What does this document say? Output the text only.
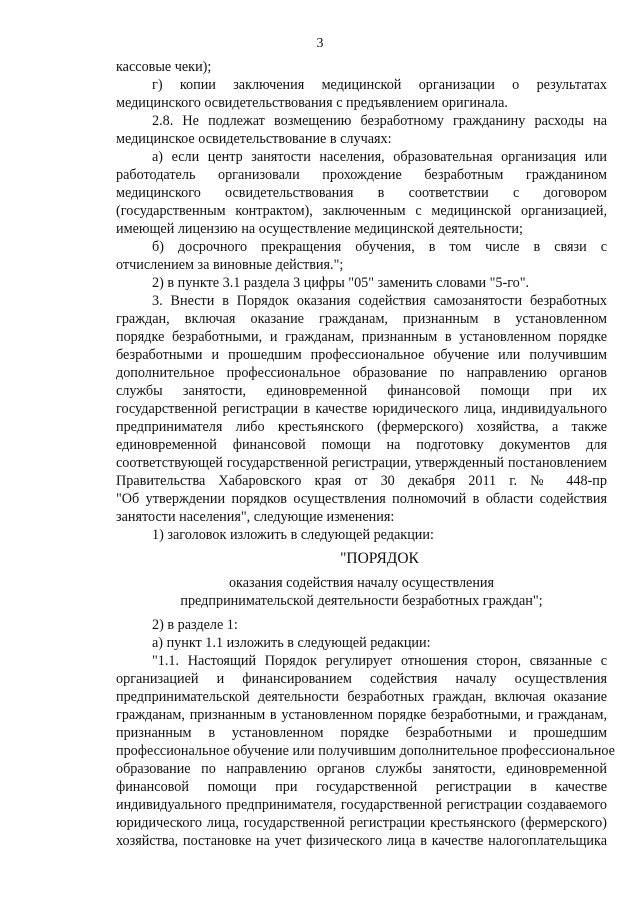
3
кассовые чеки);
г) копии заключения медицинской организации о результатах
медицинского освидетельствования с предъявлением оригинала.
2.8. Не подлежат возмещению безработному гражданину расходы на
медицинское освидетельствование в случаях:
а) если центр занятости населения, образовательная организация или
работодатель организовали прохождение безработным гражданином
медицинского освидетельствования в соответствии с договором
(государственным контрактом), заключенным с медицинской организацией,
имеющей лицензию на осуществление медицинской деятельности;
б) досрочного прекращения обучения, в том числе в связи с
отчислением за виновные действия.";
2) в пункте 3.1 раздела 3 цифры "05" заменить словами "5-го".
3. Внести в Порядок оказания содействия самозанятости безработных
граждан, включая оказание гражданам, признанным в установленном
порядке безработными, и гражданам, признанным в установленном порядке
безработными и прошедшим профессиональное обучение или получившим
дополнительное профессиональное образование по направлению органов
службы занятости, единовременной финансовой помощи при их
государственной регистрации в качестве юридического лица, индивидуального
предпринимателя либо крестьянского (фермерского) хозяйства, а также
единовременной финансовой помощи на подготовку документов для
соответствующей государственной регистрации, утвержденный постановлением
Правительства Хабаровского края от 30 декабря 2011 г. № 448-пр
"Об утверждении порядков осуществления полномочий в области содействия
занятости населения", следующие изменения:
1) заголовок изложить в следующей редакции:
"ПОРЯДОК
оказания содействия началу осуществления
предпринимательской деятельности безработных граждан";
2) в разделе 1:
а) пункт 1.1 изложить в следующей редакции:
"1.1. Настоящий Порядок регулирует отношения сторон, связанные с
организацией и финансированием содействия началу осуществления
предпринимательской деятельности безработных граждан, включая оказание
гражданам, признанным в установленном порядке безработными, и гражданам,
признанным в установленном порядке безработными и прошедшим
профессиональное обучение или получившим дополнительное профессиональное
образование по направлению органов службы занятости, единовременной
финансовой помощи при государственной регистрации в качестве
индивидуального предпринимателя, государственной регистрации создаваемого
юридического лица, государственной регистрации крестьянского (фермерского)
хозяйства, постановке на учет физического лица в качестве налогоплательщика
